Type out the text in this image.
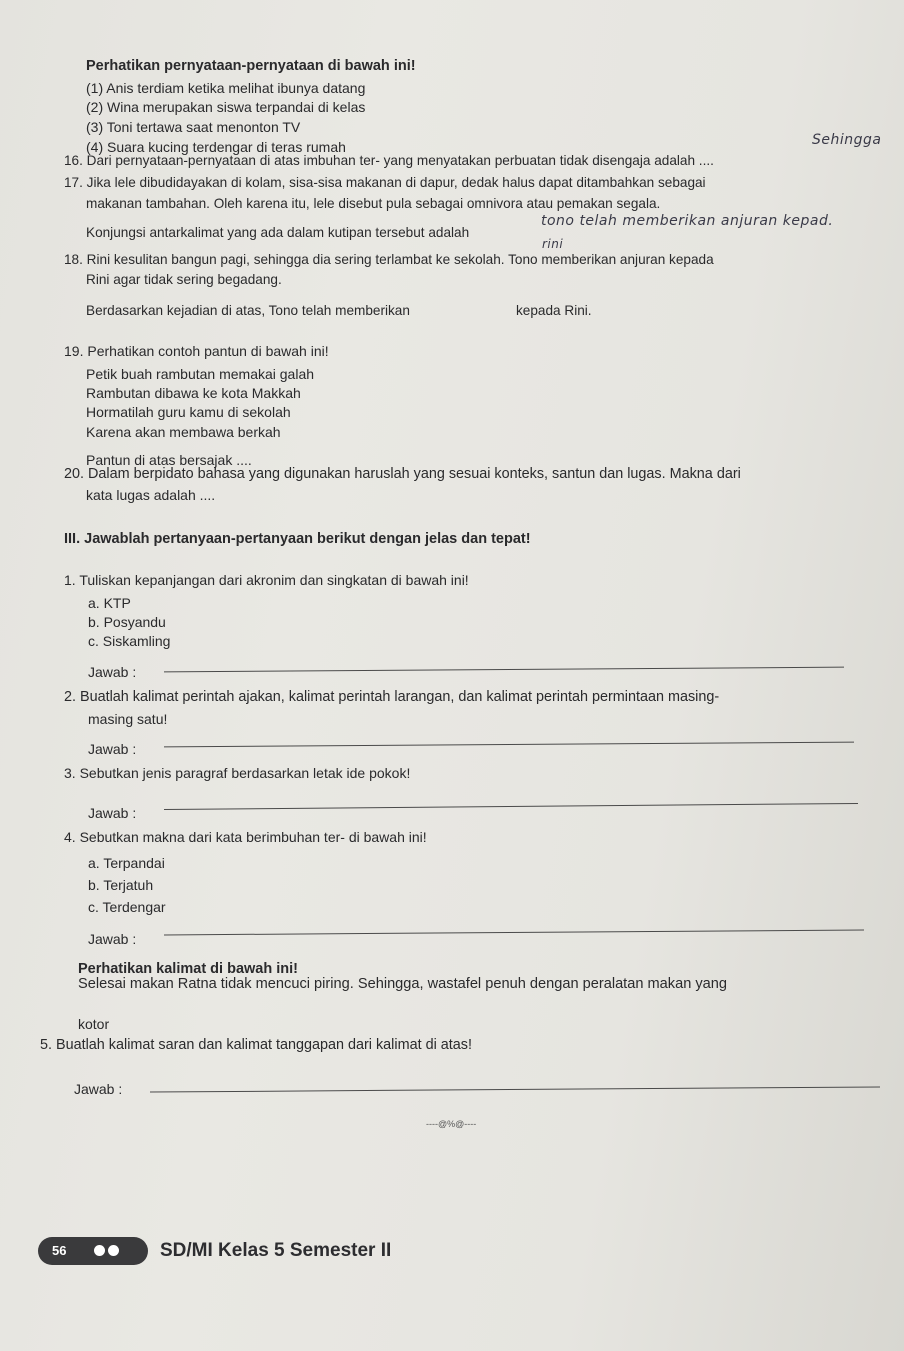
Perhatikan pernyataan-pernyataan di bawah ini!
(1) Anis terdiam ketika melihat ibunya datang
(2) Wina merupakan siswa terpandai di kelas
(3) Toni tertawa saat menonton TV
(4) Suara kucing terdengar di teras rumah
16. Dari pernyataan-pernyataan di atas imbuhan ter- yang menyatakan perbuatan tidak disengaja adalah ....
Sehingga
17. Jika lele dibudidayakan di kolam, sisa-sisa makanan di dapur, dedak halus dapat ditambahkan sebagai
makanan tambahan. Oleh karena itu, lele disebut pula sebagai omnivora atau pemakan segala.
Konjungsi antarkalimat yang ada dalam kutipan tersebut adalah
tono telah memberikan anjuran kepad.
18. Rini kesulitan bangun pagi, sehingga dia sering terlambat ke sekolah. Tono memberikan anjuran kepada
Rini agar tidak sering begadang.
Berdasarkan kejadian di atas, Tono telah memberikan	kepada Rini.
rini
19. Perhatikan contoh pantun di bawah ini!
Petik buah rambutan memakai galah
Rambutan dibawa ke kota Makkah
Hormatilah guru kamu di sekolah
Karena akan membawa berkah
Pantun di atas bersajak ....
20. Dalam berpidato bahasa yang digunakan haruslah yang sesuai konteks, santun dan lugas. Makna dari
kata lugas adalah ....
III. Jawablah pertanyaan-pertanyaan berikut dengan jelas dan tepat!
1. Tuliskan kepanjangan dari akronim dan singkatan di bawah ini!
a. KTP
b. Posyandu
c. Siskamling
Jawab :
2. Buatlah kalimat perintah ajakan, kalimat perintah larangan, dan kalimat perintah permintaan masing-
masing satu!
Jawab :
3. Sebutkan jenis paragraf berdasarkan letak ide pokok!
Jawab :
4. Sebutkan makna dari kata berimbuhan ter- di bawah ini!
a. Terpandai
b. Terjatuh
c. Terdengar
Jawab :
Perhatikan kalimat di bawah ini!
Selesai makan Ratna tidak mencuci piring. Sehingga, wastafel penuh dengan peralatan makan yang
kotor
5. Buatlah kalimat saran dan kalimat tanggapan dari kalimat di atas!
Jawab :
----@%@----
56	SD/MI Kelas 5 Semester II
